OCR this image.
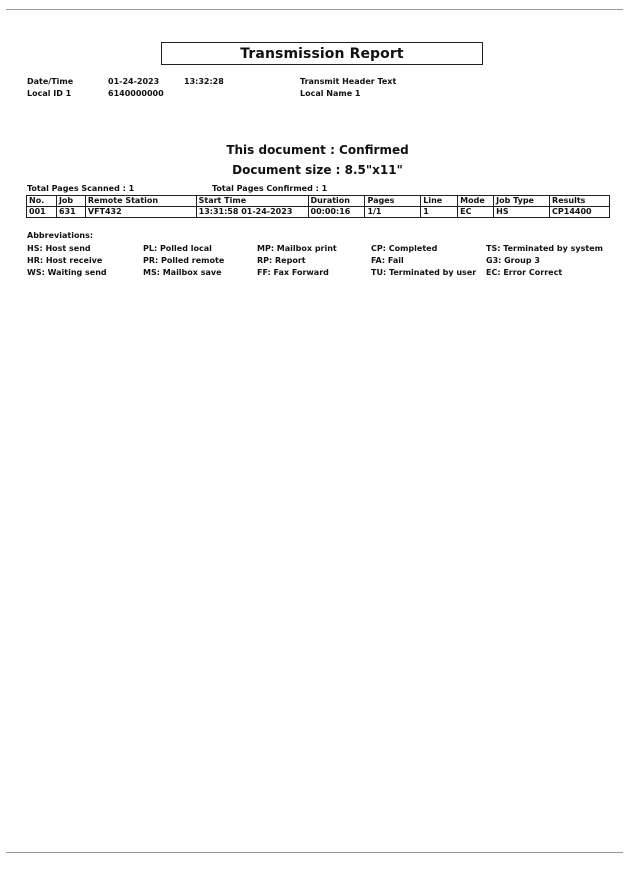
Transmission Report
Date/Time	01-24-2023	13:32:28	Transmit Header Text
Local ID 1	6140000000	Local Name 1
This document : Confirmed
Document size : 8.5"x11"
Total Pages Scanned : 1	Total Pages Confirmed : 1
No.	Job	Remote Station	Start Time	Duration	Pages	Line	Mode	Job Type	Results
001	631	VFT432	13:31:58 01-24-2023	00:00:16	1/1	1	EC	HS	CP14400
Abbreviations:
HS: Host send
HR: Host receive
WS: Waiting send
PL: Polled local
PR: Polled remote
MS: Mailbox save
MP: Mailbox print
RP: Report
FF: Fax Forward
CP: Completed
FA: Fail
TU: Terminated by user
TS: Terminated by system
G3: Group 3
EC: Error Correct
